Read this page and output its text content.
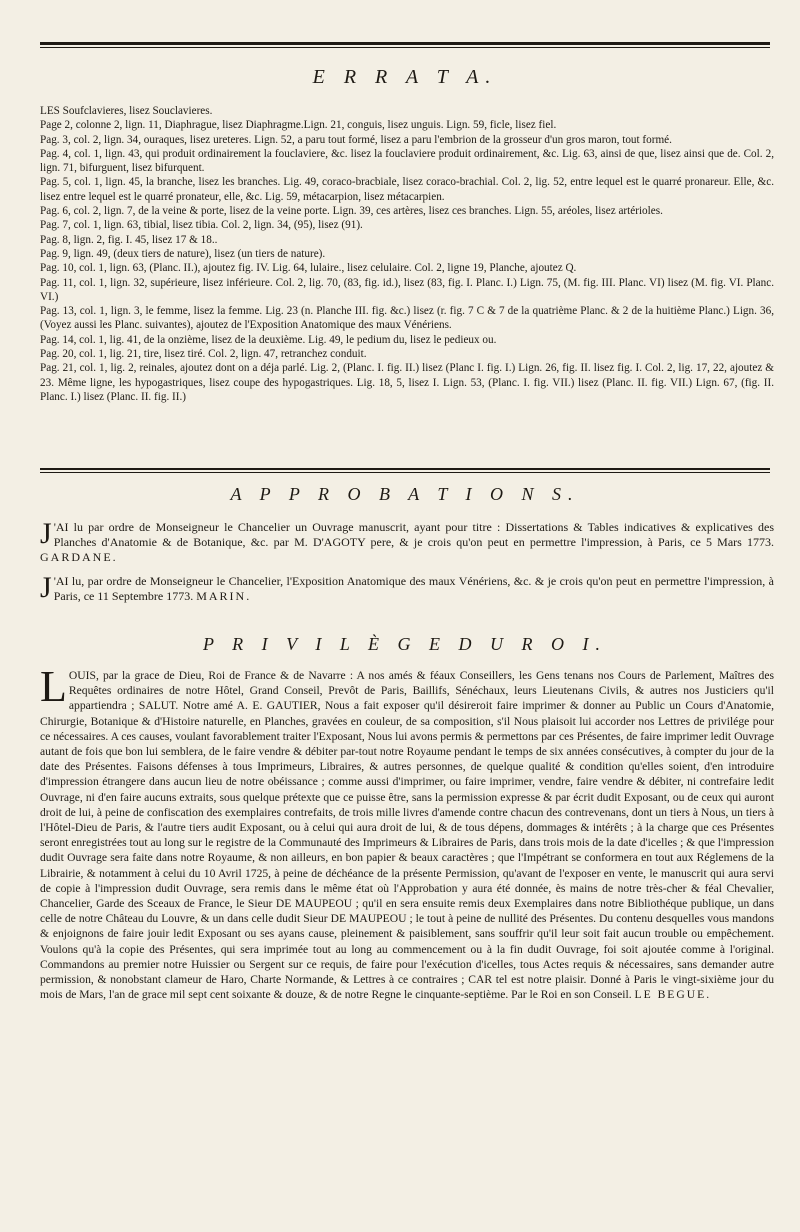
E R R A T A.

LES Soufclavieres, lisez Souclavieres.

Page 2, colonne 2, lign. 11, Diaphrague, lisez Diaphragme.Lign. 21, conguis, lisez unguis. Lign. 59, ficle, lisez fiel.

Pag. 3, col. 2, lign. 34, ouraques, lisez ureteres. Lign. 52, a paru tout formé, lisez a paru l'embrion de la grosseur d'un gros maron, tout formé.

Pag. 4, col. 1, lign. 43, qui produit ordinairement la fouclaviere, &c. lisez la fouclaviere produit ordinairement, &c. Lig. 63, ainsi de que, lisez ainsi que de. Col. 2, lign. 71, bifurguent, lisez bifurquent.

Pag. 5, col. 1, lign. 45, la branche, lisez les branches. Lig. 49, coraco-bracbiale, lisez coraco-brachial. Col. 2, lig. 52, entre lequel est le quarré pronareur. Elle, &c. lisez entre lequel est le quarré pronateur, elle, &c. Lig. 59, métacarpion, lisez métacarpien.

Pag. 6, col. 2, lign. 7, de la veine & porte, lisez de la veine porte. Lign. 39, ces artères, lisez ces branches. Lign. 55, aréoles, lisez artérioles.

Pag. 7, col. 1, lign. 63, tibial, lisez tibia. Col. 2, lign. 34, (95), lisez (91).

Pag. 8, lign. 2, fig. I. 45, lisez 17 & 18..

Pag. 9, lign. 49, (deux tiers de nature), lisez (un tiers de nature).

Pag. 10, col. 1, lign. 63, (Planc. II.), ajoutez fig. IV. Lig. 64, lulaire., lisez celulaire. Col. 2, ligne 19, Planche, ajoutez Q.

Pag. 11, col. 1, lign. 32, supérieure, lisez inférieure. Col. 2, lig. 70, (83, fig. id.), lisez (83, fig. I. Planc. I.) Lign. 75, (M. fig. III. Planc. VI) lisez (M. fig. VI. Planc. VI.)

Pag. 13, col. 1, lign. 3, le femme, lisez la femme. Lig. 23 (n. Planche III. fig. &c.) lisez (r. fig. 7 C & 7 de la quatrième Planc. & 2 de la huitième Planc.) Lign. 36, (Voyez aussi les Planc. suivantes), ajoutez de l'Exposition Anatomique des maux Vénériens.

Pag. 14, col. 1, lig. 41, de la onzième, lisez de la deuxième. Lig. 49, le pedium du, lisez le pedieux ou.

Pag. 20, col. 1, lig. 21, tire, lisez tiré. Col. 2, lign. 47, retranchez conduit.

Pag. 21, col. 1, lig. 2, reinales, ajoutez dont on a déja parlé. Lig. 2, (Planc. I. fig. II.) lisez (Planc I. fig. I.) Lign. 26, fig. II. lisez fig. I. Col. 2, lig. 17, 22, ajoutez & 23. Même ligne, les hypogastriques, lisez coupe des hypogastriques. Lig. 18, 5, lisez I. Lign. 53, (Planc. I. fig. VII.) lisez (Planc. II. fig. VII.) Lign. 67, (fig. II. Planc. I.) lisez (Planc. II. fig. II.)

A P P R O B A T I O N S.
J 'AI lu par ordre de Monseigneur le Chancelier un Ouvrage manuscrit, ayant pour titre : Dissertations & Tables indicatives & explicatives des Planches d'Anatomie & de Botanique, &c. par M. D'AGOTY pere, & je crois qu'on peut en permettre l'impression, à Paris, ce 5 Mars 1773. GARDANE.
J 'AI lu, par ordre de Monseigneur le Chancelier, l'Exposition Anatomique des maux Vénériens, &c. & je crois qu'on peut en permettre l'impression, à Paris, ce 11 Septembre 1773. MARIN.
P R I V I L È G E D U R O I.
LOUIS, par la grace de Dieu, Roi de France & de Navarre : A nos amés & féaux Conseillers, les Gens tenans nos Cours de Parlement, Maîtres des Requêtes ordinaires de notre Hôtel, Grand Conseil, Prevôt de Paris, Baillifs, Sénéchaux, leurs Lieutenans Civils, & autres nos Justiciers qu'il appartiendra ; SALUT. Notre amé A. E. GAUTIER, Nous a fait exposer qu'il désireroit faire imprimer & donner au Public un Cours d'Anatomie, Chirurgie, Botanique & d'Histoire naturelle, en Planches, gravées en couleur, de sa composition, s'il Nous plaisoit lui accorder nos Lettres de privilége pour ce nécessaires. A ces causes, voulant favorablement traiter l'Exposant, Nous lui avons permis & permettons par ces Présentes, de faire imprimer ledit Ouvrage autant de fois que bon lui semblera, de le faire vendre & débiter par-tout notre Royaume pendant le temps de six années consécutives, à compter du jour de la date des Présentes. Faisons défenses à tous Imprimeurs, Libraires, & autres personnes, de quelque qualité & condition qu'elles soient, d'en introduire d'impression étrangere dans aucun lieu de notre obéissance ; comme aussi d'imprimer, ou faire imprimer, vendre, faire vendre & débiter, ni contrefaire ledit Ouvrage, ni d'en faire aucuns extraits, sous quelque prétexte que ce puisse être, sans la permission expresse & par écrit dudit Exposant, ou de ceux qui auront droit de lui, à peine de confiscation des exemplaires contrefaits, de trois mille livres d'amende contre chacun des contrevenans, dont un tiers à Nous, un tiers à l'Hôtel-Dieu de Paris, & l'autre tiers audit Exposant, ou à celui qui aura droit de lui, & de tous dépens, dommages & intérêts ; à la charge que ces Présentes seront enregistrées tout au long sur le registre de la Communauté des Imprimeurs & Libraires de Paris, dans trois mois de la date d'icelles ; & que l'impression dudit Ouvrage sera faite dans notre Royaume, & non ailleurs, en bon papier & beaux caractères ; que l'Impétrant se conformera en tout aux Réglemens de la Librairie, & notamment à celui du 10 Avril 1725, à peine de déchéance de la présente Permission, qu'avant de l'exposer en vente, le manuscrit qui aura servi de copie à l'impression dudit Ouvrage, sera remis dans le même état où l'Approbation y aura été donnée, ès mains de notre très-cher & féal Chevalier, Chancelier, Garde des Sceaux de France, le Sieur DE MAUPEOU ; qu'il en sera ensuite remis deux Exemplaires dans notre Bibliothéque publique, un dans celle de notre Château du Louvre, & un dans celle dudit Sieur DE MAUPEOU ; le tout à peine de nullité des Présentes. Du contenu desquelles vous mandons & enjoignons de faire jouir ledit Exposant ou ses ayans cause, pleinement & paisiblement, sans souffrir qu'il leur soit fait aucun trouble ou empêchement. Voulons qu'à la copie des Présentes, qui sera imprimée tout au long au commencement ou à la fin dudit Ouvrage, foi soit ajoutée comme à l'original. Commandons au premier notre Huissier ou Sergent sur ce requis, de faire pour l'exécution d'icelles, tous Actes requis & nécessaires, sans demander autre permission, & nonobstant clameur de Haro, Charte Normande, & Lettres à ce contraires ; CAR tel est notre plaisir. Donné à Paris le vingt-sixième jour du mois de Mars, l'an de grace mil sept cent soixante & douze, & de notre Regne le cinquante-septième. Par le Roi en son Conseil. LE BEGUE.
